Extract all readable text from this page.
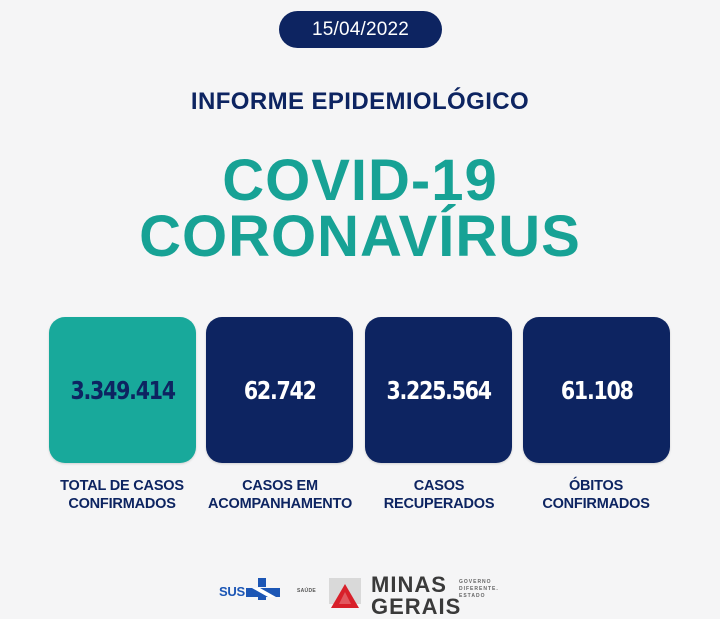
15/04/2022
INFORME EPIDEMIOLÓGICO
COVID-19
CORONAVÍRUS
3.349.414	62.742	3.225.564	61.108
TOTAL DE CASOS
CONFIRMADOS
CASOS EM
ACOMPANHAMENTO
CASOS
RECUPERADOS
ÓBITOS
CONFIRMADOS
SUS	SAÚDE MINAS
GERAIS
GOVERNO
DIFERENTE.
ESTADO
